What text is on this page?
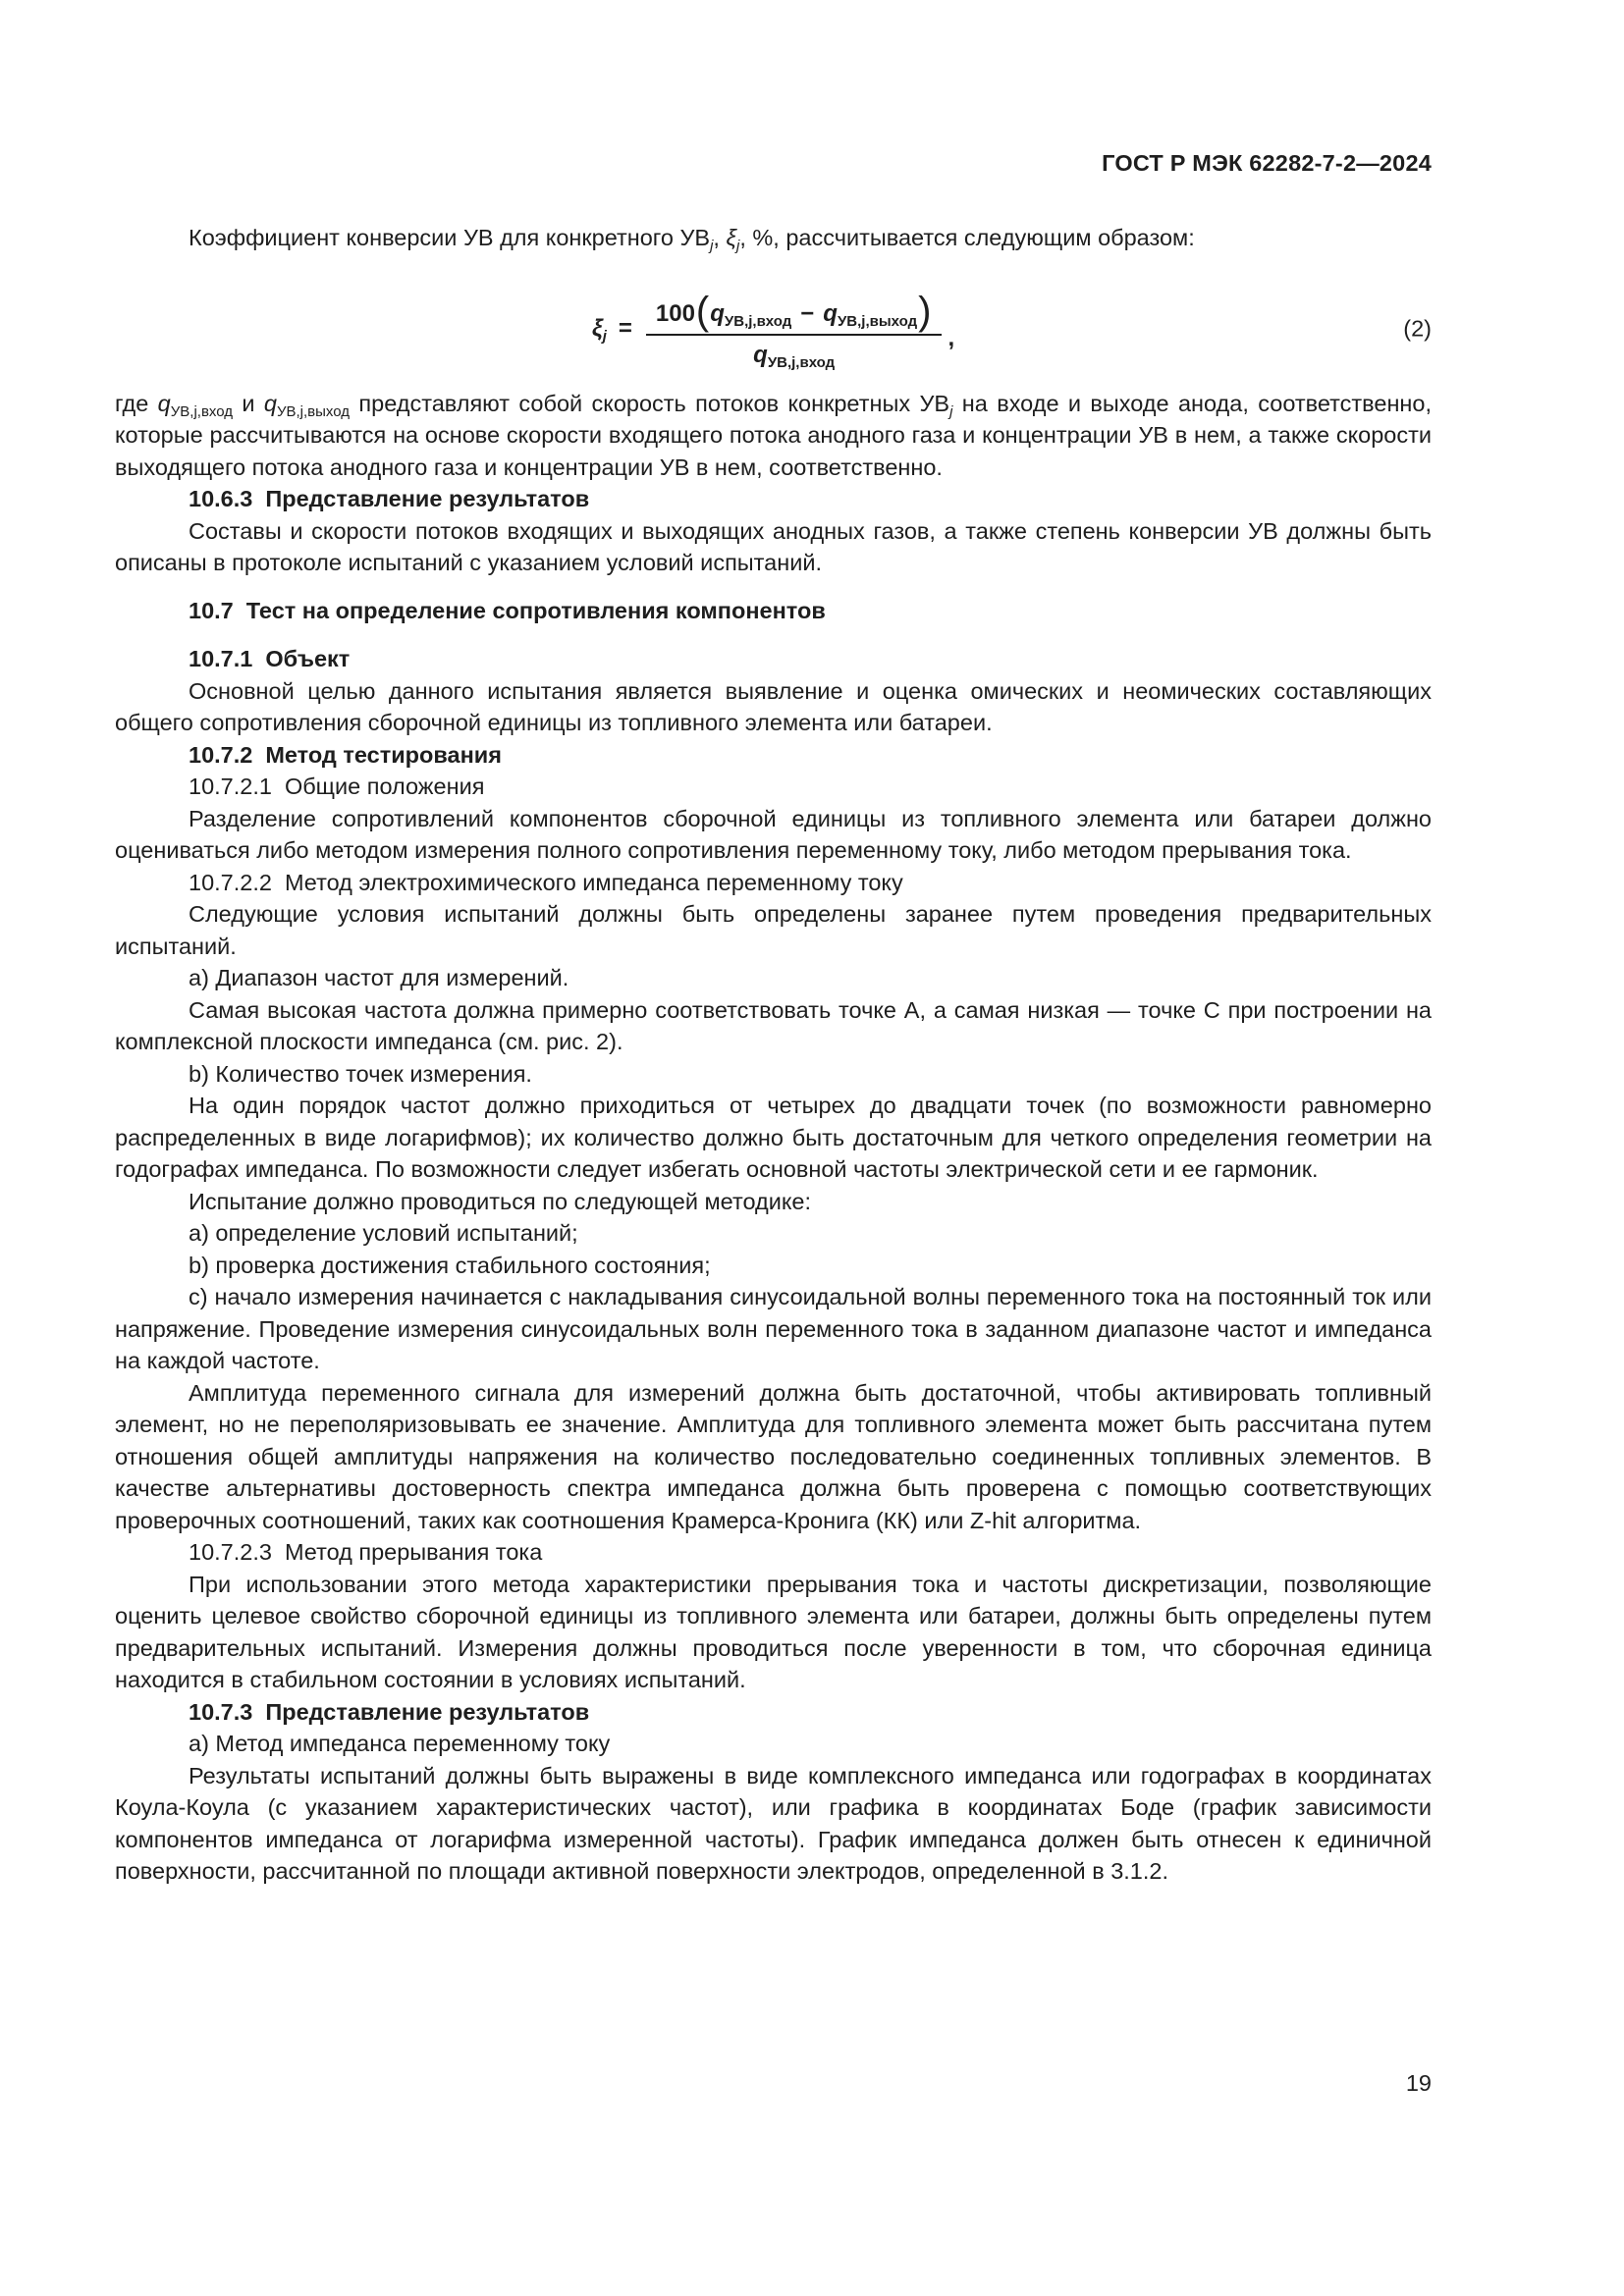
ГОСТ Р МЭК 62282-7-2—2024
Коэффициент конверсии УВ для конкретного $УВ_j$, $\xi_j$, %, рассчитывается следующим образом:
$\xi_j = \frac{100(q_{УВ,j,вход} - q_{УВ,j,выход})}{q_{УВ,j,вход}}$ ,	(2)
где $q_{УВ,j,вход}$ и $q_{УВ,j,выход}$ представляют собой скорость потоков конкретных $УВ_j$ на входе и выходе анода, соответственно, которые рассчитываются на основе скорости входящего потока анодного газа и концентрации УВ в нем, а также скорости выходящего потока анодного газа и концентрации УВ в нем, соответственно.
10.6.3 Представление результатов
Составы и скорости потоков входящих и выходящих анодных газов, а также степень конверсии УВ должны быть описаны в протоколе испытаний с указанием условий испытаний.
10.7 Тест на определение сопротивления компонентов
10.7.1 Объект
Основной целью данного испытания является выявление и оценка омических и неомических составляющих общего сопротивления сборочной единицы из топливного элемента или батареи.
10.7.2 Метод тестирования
10.7.2.1 Общие положения
Разделение сопротивлений компонентов сборочной единицы из топливного элемента или батареи должно оцениваться либо методом измерения полного сопротивления переменному току, либо методом прерывания тока.
10.7.2.2 Метод электрохимического импеданса переменному току
Следующие условия испытаний должны быть определены заранее путем проведения предварительных испытаний.
a) Диапазон частот для измерений.
Самая высокая частота должна примерно соответствовать точке A, а самая низкая — точке C при построении на комплексной плоскости импеданса (см. рис. 2).
b) Количество точек измерения.
На один порядок частот должно приходиться от четырех до двадцати точек (по возможности равномерно распределенных в виде логарифмов); их количество должно быть достаточным для четкого определения геометрии на годографах импеданса. По возможности следует избегать основной частоты электрической сети и ее гармоник.
Испытание должно проводиться по следующей методике:
a) определение условий испытаний;
b) проверка достижения стабильного состояния;
c) начало измерения начинается с накладывания синусоидальной волны переменного тока на постоянный ток или напряжение. Проведение измерения синусоидальных волн переменного тока в заданном диапазоне частот и импеданса на каждой частоте.
Амплитуда переменного сигнала для измерений должна быть достаточной, чтобы активировать топливный элемент, но не переполяризовывать ее значение. Амплитуда для топливного элемента может быть рассчитана путем отношения общей амплитуды напряжения на количество последовательно соединенных топливных элементов. В качестве альтернативы достоверность спектра импеданса должна быть проверена с помощью соответствующих проверочных соотношений, таких как соотношения Крамерса-Кронига (КК) или Z-hit алгоритма.
10.7.2.3 Метод прерывания тока
При использовании этого метода характеристики прерывания тока и частоты дискретизации, позволяющие оценить целевое свойство сборочной единицы из топливного элемента или батареи, должны быть определены путем предварительных испытаний. Измерения должны проводиться после уверенности в том, что сборочная единица находится в стабильном состоянии в условиях испытаний.
10.7.3 Представление результатов
a) Метод импеданса переменному току
Результаты испытаний должны быть выражены в виде комплексного импеданса или годографах в координатах Коула-Коула (с указанием характеристических частот), или графика в координатах Боде (график зависимости компонентов импеданса от логарифма измеренной частоты). График импеданса должен быть отнесен к единичной поверхности, рассчитанной по площади активной поверхности электродов, определенной в 3.1.2.
19
